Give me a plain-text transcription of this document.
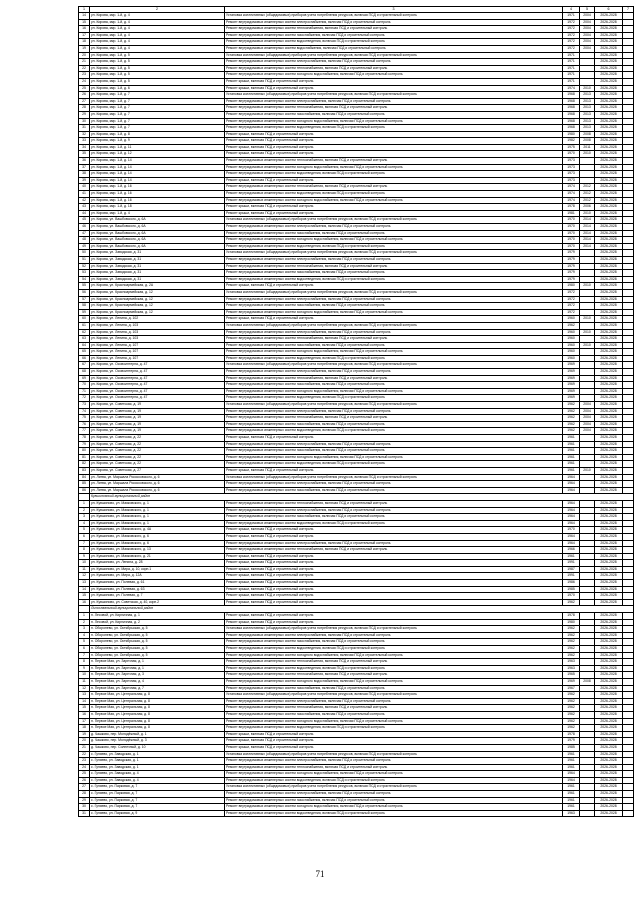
1	2	3	4	5	6	7
14	ул. Кирова, мкр. 1-й, д. 4	Установка коллективных (общедомовых) приборов учета потребления ресурсов, включая ПСД и строительный контроль	1971	2004	2026-2028	
15	ул. Кирова, мкр. 1-й, д. 4	Ремонт внутридомовых инженерных систем электроснабжения, включая ПСД и строительный контроль	1972	2004	2026-2028	
16	ул. Кирова, мкр. 1-й, д. 4	Ремонт внутридомовых инженерных систем теплоснабжения, включая ПСД и строительный контроль	1972	2004	2026-2028	
17	ул. Кирова, мкр. 1-й, д. 4	Ремонт внутридомовых инженерных систем газоснабжения, включая ПСД и строительный контроль	1972	2004	2026-2028	
18	ул. Кирова, мкр. 1-й, д. 4	Ремонт внутридомовых инженерных систем водоотведения, включая ПСД и строительный контроль	1972	2004	2026-2028	
19	ул. Кирова, мкр. 1-й, д. 4	Ремонт внутридомовых инженерных систем водоснабжения, включая ПСД и строительный контроль	1972	2004	2026-2028	
20	ул. Кирова, мкр. 1-й, д. 5	Установка коллективных (общедомовых) приборов учета потребления ресурсов, включая ПСД и строительный контроль	1971		2026-2028	
21	ул. Кирова, мкр. 1-й, д. 5	Ремонт внутридомовых инженерных систем электроснабжения, включая ПСД и строительный контроль	1971		2026-2028	
22	ул. Кирова, мкр. 1-й, д. 5	Ремонт внутридомовых инженерных систем теплоснабжения, включая ПСД и строительный контроль	1971		2026-2028	
23	ул. Кирова, мкр. 1-й, д. 5	Ремонт внутридомовых инженерных систем холодного водоснабжения, включая ПСД и строительный контроль	1971		2026-2028	
24	ул. Кирова, мкр. 1-й, д. 5	Ремонт крыши, включая ПСД и строительный контроль	1971		2026-2028	
25	ул. Кирова, мкр. 1-й, д. 6	Ремонт крыши, включая ПСД и строительный контроль	1974	2010	2026-2028	
26	ул. Кирова, мкр. 1-й, д. 7	Установка коллективных (общедомовых) приборов учета потребления ресурсов, включая ПСД и строительный контроль	1968	2013	2026-2028	
27	ул. Кирова, мкр. 1-й, д. 7	Ремонт внутридомовых инженерных систем электроснабжения, включая ПСД и строительный контроль	1968	2013	2026-2028	
28	ул. Кирова, мкр. 1-й, д. 7	Ремонт внутридомовых инженерных систем теплоснабжения, включая ПСД и строительный контроль	1968	2013	2026-2028	
29	ул. Кирова, мкр. 1-й, д. 7	Ремонт внутридомовых инженерных систем газоснабжения, включая ПСД и строительный контроль	1968	2013	2026-2028	
30	ул. Кирова, мкр. 1-й, д. 7	Ремонт внутридомовых инженерных систем холодного водоснабжения, включая ПСД и строительный контроль	1968	2013	2026-2028	
31	ул. Кирова, мкр. 1-й, д. 7	Ремонт внутридомовых инженерных систем водоотведения, включая ПСД и строительный контроль	1968	2013	2026-2028	
32	ул. Кирова, мкр. 1-й, д. 8	Ремонт крыши, включая ПСД и строительный контроль	1980	2008	2026-2028	
33	ул. Кирова, мкр. 1-й, д. 9	Ремонт крыши, включая ПСД и строительный контроль	1982	2008	2026-2028	
34	ул. Кирова, мкр. 1-й, д. 11	Ремонт крыши, включая ПСД и строительный контроль	1975	2011	2026-2028	
35	ул. Кирова, мкр. 1-й, д. 12	Ремонт крыши, включая ПСД и строительный контроль	1970	2010	2026-2028	
36	ул. Кирова, мкр. 1-й, д. 14	Ремонт внутридомовых инженерных систем теплоснабжения, включая ПСД и строительный контроль	1973		2026-2028	
37	ул. Кирова, мкр. 1-й, д. 14	Ремонт внутридомовых инженерных систем холодного водоснабжения, включая ПСД и строительный контроль	1973		2026-2028	
38	ул. Кирова, мкр. 1-й, д. 14	Ремонт внутридомовых инженерных систем водоотведения, включая ПСД и строительный контроль	1973		2026-2028	
39	ул. Кирова, мкр. 1-й, д. 14	Ремонт крыши, включая ПСД и строительный контроль	1973		2026-2028	
40	ул. Кирова, мкр. 1-й, д. 16	Ремонт внутридомовых инженерных систем теплоснабжения, включая ПСД и строительный контроль	1974	2012	2026-2028	
41	ул. Кирова, мкр. 1-й, д. 16	Ремонт внутридомовых инженерных систем водоотведения, включая ПСД и строительный контроль	1974	2012	2026-2028	
42	ул. Кирова, мкр. 1-й, д. 16	Ремонт внутридомовых инженерных систем холодного водоснабжения, включая ПСД и строительный контроль	1974	2012	2026-2028	
43	ул. Кирова, мкр. 1-й, д. 18	Ремонт крыши, включая ПСД и строительный контроль	1978	2006	2026-2028	
44	ул. Кирова, мкр. 1-й, д. 4	Ремонт крыши, включая ПСД и строительный контроль	1981	2010	2026-2028	
45	ул. Кирова, ул. Вашбовского, д. 6А	Установка коллективных (общедомовых) приборов учета потребления ресурсов, включая ПСД и строительный контроль	1970	2014	2026-2028	
46	ул. Кирова, ул. Вашбовского, д. 6А	Ремонт внутридомовых инженерных систем электроснабжения, включая ПСД и строительный контроль	1970	2014	2026-2028	
47	ул. Кирова, ул. Вашбовского, д. 6А	Ремонт внутридомовых инженерных систем газоснабжения, включая ПСД и строительный контроль	1970	2014	2026-2028	
48	ул. Кирова, ул. Вашбовского, д. 6А	Ремонт внутридомовых инженерных систем холодного водоснабжения, включая ПСД и строительный контроль	1970	2014	2026-2028	
49	ул. Кирова, ул. Вашбовского, д. 6А	Ремонт внутридомовых инженерных систем водоотведения, включая ПСД и строительный контроль	1970	2014	2026-2028	
50	ул. Кирова, ул. Заводская, д. 31	Установка коллективных (общедомовых) приборов учета потребления ресурсов, включая ПСД и строительный контроль	1979		2026-2028	
51	ул. Кирова, ул. Заводская, д. 31	Ремонт внутридомовых инженерных систем электроснабжения, включая ПСД и строительный контроль	1979		2026-2028	
52	ул. Кирова, ул. Заводская, д. 31	Ремонт внутридомовых инженерных систем теплоснабжения, включая ПСД и строительный контроль	1979		2026-2028	
53	ул. Кирова, ул. Заводская, д. 31	Ремонт внутридомовых инженерных систем газоснабжения, включая ПСД и строительный контроль	1979		2026-2028	
54	ул. Кирова, ул. Заводская, д. 31	Ремонт внутридомовых инженерных систем водоотведения, включая ПСД и строительный контроль	1979		2026-2028	
55	ул. Кирова, ул. Красноармейская, д. 2А	Ремонт крыши, включая ПСД и строительный контроль	1980	2010	2026-2028	
56	ул. Кирова, ул. Красноармейская, д. 12	Установка коллективных (общедомовых) приборов учета потребления ресурсов, включая ПСД и строительный контроль	1972		2026-2028	
57	ул. Кирова, ул. Красноармейская, д. 12	Ремонт внутридомовых инженерных систем электроснабжения, включая ПСД и строительный контроль	1972		2026-2028	
58	ул. Кирова, ул. Красноармейская, д. 12	Ремонт внутридомовых инженерных систем газоснабжения, включая ПСД и строительный контроль	1972		2026-2028	
59	ул. Кирова, ул. Красноармейская, д. 12	Ремонт внутридомовых инженерных систем холодного водоснабжения, включая ПСД и строительный контроль	1972		2026-2028	
60	ул. Кирова, ул. Ленина, д. 102	Ремонт крыши, включая ПСД и строительный контроль	1960	2010	2026-2028	
61	ул. Кирова, ул. Ленина, д. 103	Установка коллективных (общедомовых) приборов учета потребления ресурсов, включая ПСД и строительный контроль	1962		2026-2028	
62	ул. Кирова, ул. Ленина, д. 103	Ремонт внутридомовых инженерных систем электроснабжения, включая ПСД и строительный контроль	1960	2010	2026-2028	
63	ул. Кирова, ул. Ленина, д. 103	Ремонт внутридомовых инженерных систем теплоснабжения, включая ПСД и строительный контроль	1960		2026-2028	
64	ул. Кирова, ул. Ленина, д. 107	Ремонт внутридомовых инженерных систем газоснабжения, включая ПСД и строительный контроль	1960	2010	2026-2028	
65	ул. Кирова, ул. Ленина, д. 107	Ремонт внутридомовых инженерных систем холодного водоснабжения, включая ПСД и строительный контроль	1960		2026-2028	
66	ул. Кирова, ул. Ленина, д. 107	Ремонт внутридомовых инженерных систем водоотведения, включая ПСД и строительный контроль	1960		2026-2028	
67	ул. Кирова, ул. Осовоинтерна, д. 47	Установка коллективных (общедомовых) приборов учета потребления ресурсов, включая ПСД и строительный контроль	1969		2026-2028	
68	ул. Кирова, ул. Осовоинтерна, д. 47	Ремонт внутридомовых инженерных систем электроснабжения, включая ПСД и строительный контроль	1969		2026-2028	
69	ул. Кирова, ул. Осовоинтерна, д. 47	Ремонт внутридомовых инженерных систем теплоснабжения, включая ПСД и строительный контроль	1969		2026-2028	
70	ул. Кирова, ул. Осовоинтерна, д. 47	Ремонт внутридомовых инженерных систем газоснабжения, включая ПСД и строительный контроль	1969		2026-2028	
71	ул. Кирова, ул. Осовоинтерна, д. 47	Ремонт внутридомовых инженерных систем холодного водоснабжения, включая ПСД и строительный контроль	1969		2026-2028	
72	ул. Кирова, ул. Осовоинтерна, д. 47	Ремонт внутридомовых инженерных систем водоотведения, включая ПСД и строительный контроль	1969		2026-2028	
73	ул. Кирова, ул. Советская, д. 19	Установка коллективных (общедомовых) приборов учета потребления ресурсов, включая ПСД и строительный контроль	1962	2004	2026-2028	
74	ул. Кирова, ул. Советская, д. 19	Ремонт внутридомовых инженерных систем электроснабжения, включая ПСД и строительный контроль	1962	2004	2026-2028	
75	ул. Кирова, ул. Советская, д. 19	Ремонт внутридомовых инженерных систем теплоснабжения, включая ПСД и строительный контроль	1962	2004	2026-2028	
76	ул. Кирова, ул. Советская, д. 19	Ремонт внутридомовых инженерных систем газоснабжения, включая ПСД и строительный контроль	1962	2004	2026-2028	
77	ул. Кирова, ул. Советская, д. 19	Ремонт внутридомовых инженерных систем водоотведения, включая ПСД и строительный контроль	1962	2004	2026-2028	
78	ул. Кирова, ул. Советская, д. 22	Ремонт крыши, включая ПСД и строительный контроль	1961		2026-2028	
79	ул. Кирова, ул. Советская, д. 22	Ремонт внутридомовых инженерных систем электроснабжения, включая ПСД и строительный контроль	1961		2026-2028	
80	ул. Кирова, ул. Советская, д. 22	Ремонт внутридомовых инженерных систем газоснабжения, включая ПСД и строительный контроль	1961		2026-2028	
81	ул. Кирова, ул. Советская, д. 22	Ремонт внутридомовых инженерных систем холодного водоснабжения, включая ПСД и строительный контроль	1961		2026-2028	
82	ул. Кирова, ул. Советская, д. 22	Ремонт внутридомовых инженерных систем водоотведения, включая ПСД и строительный контроль	1961		2026-2028	
83	ул. Кирова, ул. Советская, д. 27	Ремонт крыши, включая ПСД и строительный контроль	1961	2010	2026-2028	
84	ул. Литва, ул. Маршала Рокоссовского, д. 6	Установка коллективных (общедомовых) приборов учета потребления ресурсов, включая ПСД и строительный контроль	1964		2026-2028	
85	ул. Литва, ул. Маршала Рокоссовского, д. 6	Ремонт внутридомовых инженерных систем электроснабжения, включая ПСД и строительный контроль	1964		2026-2028	
86	ул. Литва, ул. Маршала Рокоссовского, д. 6	Ремонт внутридомовых инженерных систем газоснабжения, включая ПСД и строительный контроль	1964		2026-2028	
	Кувшиновский муниципальный район					
1	ул. Кувшиново, ул. Маяковского, д. 1	Ремонт внутридомовых инженерных систем теплоснабжения, включая ПСД и строительный контроль	1964		2026-2028	
2	ул. Кувшиново, ул. Маяковского, д. 1	Ремонт внутридомовых инженерных систем электроснабжения, включая ПСД и строительный контроль	1964		2026-2028	
3	ул. Кувшиново, ул. Маяковского, д. 1	Ремонт внутридомовых инженерных систем газоснабжения, включая ПСД и строительный контроль	1964		2026-2028	
4	ул. Кувшиново, ул. Маяковского, д. 1	Ремонт внутридомовых инженерных систем водоотведения, включая ПСД и строительный контроль	1964		2026-2028	
5	ул. Кувшиново, ул. Маяковского, д. 4А	Ремонт крыши, включая ПСД и строительный контроль	1970		2026-2028	
6	ул. Кувшиново, ул. Маяковского, д. 6	Ремонт крыши, включая ПСД и строительный контроль	1964		2026-2028	
7	ул. Кувшиново, ул. Маяковского, д. 6	Ремонт внутридомовых инженерных систем электроснабжения, включая ПСД и строительный контроль	1964		2026-2028	
8	ул. Кувшиново, ул. Маяковского, д. 13	Ремонт внутридомовых инженерных систем теплоснабжения, включая ПСД и строительный контроль	1966		2026-2028	
9	ул. Кувшиново, ул. Маяковского, д. 21	Ремонт крыши, включая ПСД и строительный контроль	1961		2026-2028	
10	ул. Кувшиново, ул. Ленина, д. 28	Ремонт крыши, включая ПСД и строительный контроль	1991		2026-2028	
11	ул. Кувшиново, ул. Мира, д. 10, корп.1	Ремонт крыши, включая ПСД и строительный контроль	1987		2026-2028	
12	ул. Кувшиново, ул. Мира, д. 12А	Ремонт крыши, включая ПСД и строительный контроль	1991		2026-2028	
13	ул. Кувшиново, ул. Полевая, д. 61	Ремонт крыши, включая ПСД и строительный контроль	1986		2026-2028	
14	ул. Кувшиново, ул. Полевая, д. 63	Ремонт крыши, включая ПСД и строительный контроль	1985		2026-2028	
15	ул. Кувшиново, ул. Полевая, д. 7	Ремонт крыши, включая ПСД и строительный контроль	1970		2026-2028	
16	ул. Кувшиново, ул. Советская, д. 40, корп.2	Ремонт крыши, включая ПСД и строительный контроль	1962		2026-2028	
	Лихославльский муниципальный район					
1	п. Лесовой, ул. Кирпичная, д. 1	Ремонт крыши, включая ПСД и строительный контроль	1978		2026-2028	
2	п. Лесовой, ул. Кирпичная, д. 2	Ремонт крыши, включая ПСД и строительный контроль	1980		2026-2028	
3	п. Оборонево, ул. Октябрьская, д. 5	Установка коллективных (общедомовых) приборов учета потребления ресурсов, включая ПСД и строительный контроль	1962		2026-2028	
4	п. Оборонево, ул. Октябрьская, д. 5	Ремонт внутридомовых инженерных систем электроснабжения, включая ПСД и строительный контроль	1962		2026-2028	
5	п. Оборонево, ул. Октябрьская, д. 5	Ремонт внутридомовых инженерных систем газоснабжения, включая ПСД и строительный контроль	1962		2026-2028	
6	п. Оборонево, ул. Октябрьская, д. 5	Ремонт внутридомовых инженерных систем водоотведения, включая ПСД и строительный контроль	1962		2026-2028	
7	п. Оборонево, ул. Октябрьская, д. 5	Ремонт внутридомовых инженерных систем холодного водоснабжения, включая ПСД и строительный контроль	1962		2026-2028	
8	п. Первое Мая, ул. Заречная, д. 1	Ремонт внутридомовых инженерных систем теплоснабжения, включая ПСД и строительный контроль	1963		2026-2028	
9	п. Первое Мая, ул. Заречная, д. 1	Ремонт внутридомовых инженерных систем водоотведения, включая ПСД и строительный контроль	1963		2026-2028	
10	п. Первое Мая, ул. Заречная, д. 3	Ремонт внутридомовых инженерных систем теплоснабжения, включая ПСД и строительный контроль	1965		2026-2028	
11	п. Первое Мая, ул. Заречная, д. 4	Ремонт внутридомовых инженерных систем холодного водоснабжения, включая ПСД и строительный контроль	1969	2008	2026-2028	
12	п. Первое Мая, ул. Заречная, д. 7	Ремонт внутридомовых инженерных систем газоснабжения, включая ПСД и строительный контроль	1967		2026-2028	
13	п. Первое Мая, ул. Центральная, д. 8	Установка коллективных (общедомовых) приборов учета потребления ресурсов, включая ПСД и строительный контроль	1962		2026-2028	
14	п. Первое Мая, ул. Центральная, д. 8	Ремонт внутридомовых инженерных систем электроснабжения, включая ПСД и строительный контроль	1962		2026-2028	
15	п. Первое Мая, ул. Центральная, д. 8	Ремонт внутридомовых инженерных систем теплоснабжения, включая ПСД и строительный контроль	1962		2026-2028	
16	п. Первое Мая, ул. Центральная, д. 8	Ремонт внутридомовых инженерных систем газоснабжения, включая ПСД и строительный контроль	1962		2026-2028	
17	п. Первое Мая, ул. Центральная, д. 8	Ремонт внутридомовых инженерных систем холодного водоснабжения, включая ПСД и строительный контроль	1962		2026-2028	
18	п. Первое Мая, ул. Центральная, д. 8	Ремонт внутридомовых инженерных систем водоотведения, включая ПСД и строительный контроль	1962		2026-2028	
19	д. Чашково, пер. Молодёжный, д. 1	Ремонт крыши, включая ПСД и строительный контроль	1978		2026-2028	
20	д. Чашково, пер. Молодёжный, д. 3	Ремонт крыши, включая ПСД и строительный контроль	1979		2026-2028	
21	д. Чашково, пер. Солнечный, д. 10	Ремонт крыши, включая ПСД и строительный контроль	1985		2026-2028	
22	с. Гуляево, ул. Заводская, д. 1	Установка коллективных (общедомовых) приборов учета потребления ресурсов, включая ПСД и строительный контроль	1961		2026-2028	
23	с. Гуляево, ул. Заводская, д. 1	Ремонт внутридомовых инженерных систем электроснабжения, включая ПСД и строительный контроль	1961		2026-2028	
24	с. Гуляево, ул. Заводская, д. 1	Ремонт внутридомовых инженерных систем теплоснабжения, включая ПСД и строительный контроль	1961		2026-2028	
25	с. Гуляево, ул. Заводская, д. 4	Ремонт внутридомовых инженерных систем холодного водоснабжения, включая ПСД и строительный контроль	1964		2026-2028	
26	с. Гуляево, ул. Заводская, д. 4	Ремонт внутридомовых инженерных систем водоотведения, включая ПСД и строительный контроль	1964		2026-2028	
27	с. Гуляево, ул. Парковая, д. 7	Установка коллективных (общедомовых) приборов учета потребления ресурсов, включая ПСД и строительный контроль	1961		2026-2028	
28	с. Гуляево, ул. Парковая, д. 7	Ремонт внутридомовых инженерных систем электроснабжения, включая ПСД и строительный контроль	1961		2026-2028	
29	с. Гуляево, ул. Парковая, д. 7	Ремонт внутридомовых инженерных систем газоснабжения, включая ПСД и строительный контроль	1961		2026-2028	
30	с. Гуляево, ул. Парковая, д. 7	Ремонт внутридомовых инженерных систем холодного водоснабжения, включая ПСД и строительный контроль	1961		2026-2028	
31	с. Гуляево, ул. Парковая, д. 9	Ремонт внутридомовых инженерных систем водоотведения, включая ПСД и строительный контроль	1963		2026-2028	
71
